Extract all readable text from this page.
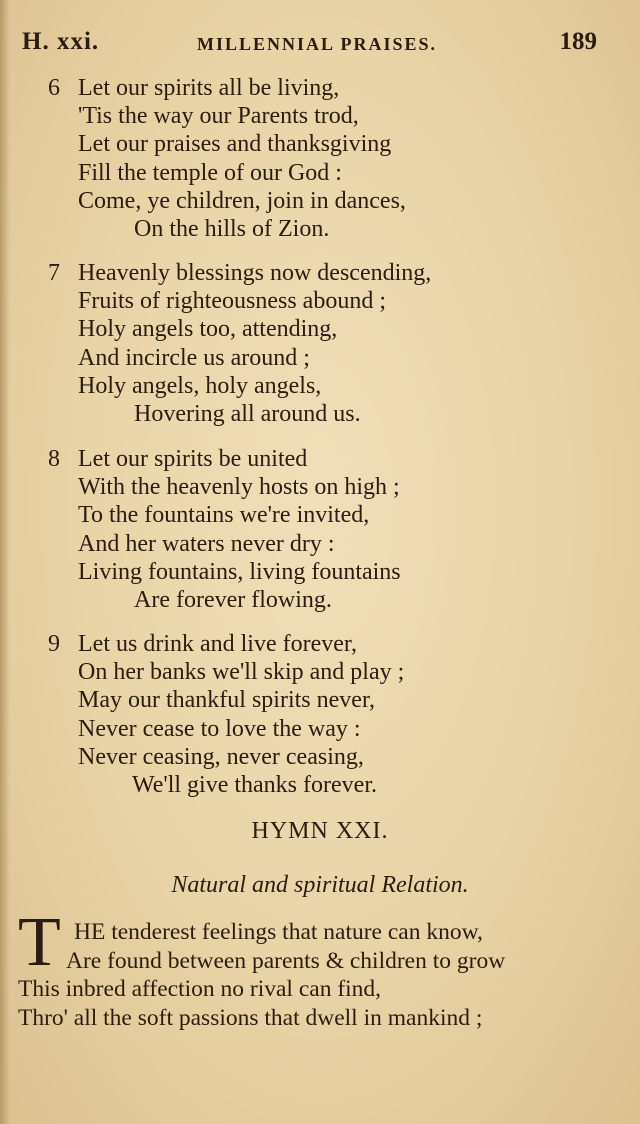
H. xxi.	MILLENNIAL PRAISES.	189
6 Let our spirits all be living,
'Tis the way our Parents trod,
Let our praises and thanksgiving
Fill the temple of our God :
Come, ye children, join in dances,
On the hills of Zion.
7 Heavenly blessings now descending,
Fruits of righteousness abound ;
Holy angels too, attending,
And incircle us around ;
Holy angels, holy angels,
Hovering all around us.
8 Let our spirits be united
With the heavenly hosts on high ;
To the fountains we're invited,
And her waters never dry :
Living fountains, living fountains
Are forever flowing.
9 Let us drink and live forever,
On her banks we'll skip and play ;
May our thankful spirits never,
Never cease to love the way :
Never ceasing, never ceasing,
We'll give thanks forever.
HYMN XXI.
Natural and spiritual Relation.
T HE tenderest feelings that nature can know,
Are found between parents & children to grow
This inbred affection no rival can find,
Thro' all the soft passions that dwell in mankind ;
